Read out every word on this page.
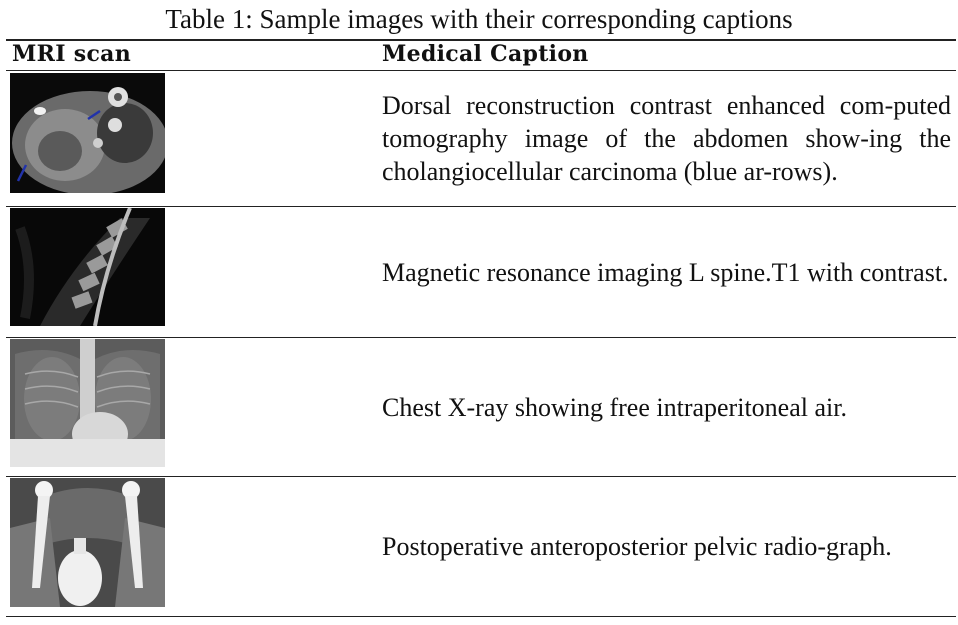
Table 1: Sample images with their corresponding captions
MRI scan	Medical Caption
Dorsal reconstruction contrast enhanced com-puted tomography image of the abdomen show-ing the cholangiocellular carcinoma (blue ar-rows).
Magnetic resonance imaging L spine.T1 with contrast.
Chest X-ray showing free intraperitoneal air.
Postoperative anteroposterior pelvic radio-graph.
